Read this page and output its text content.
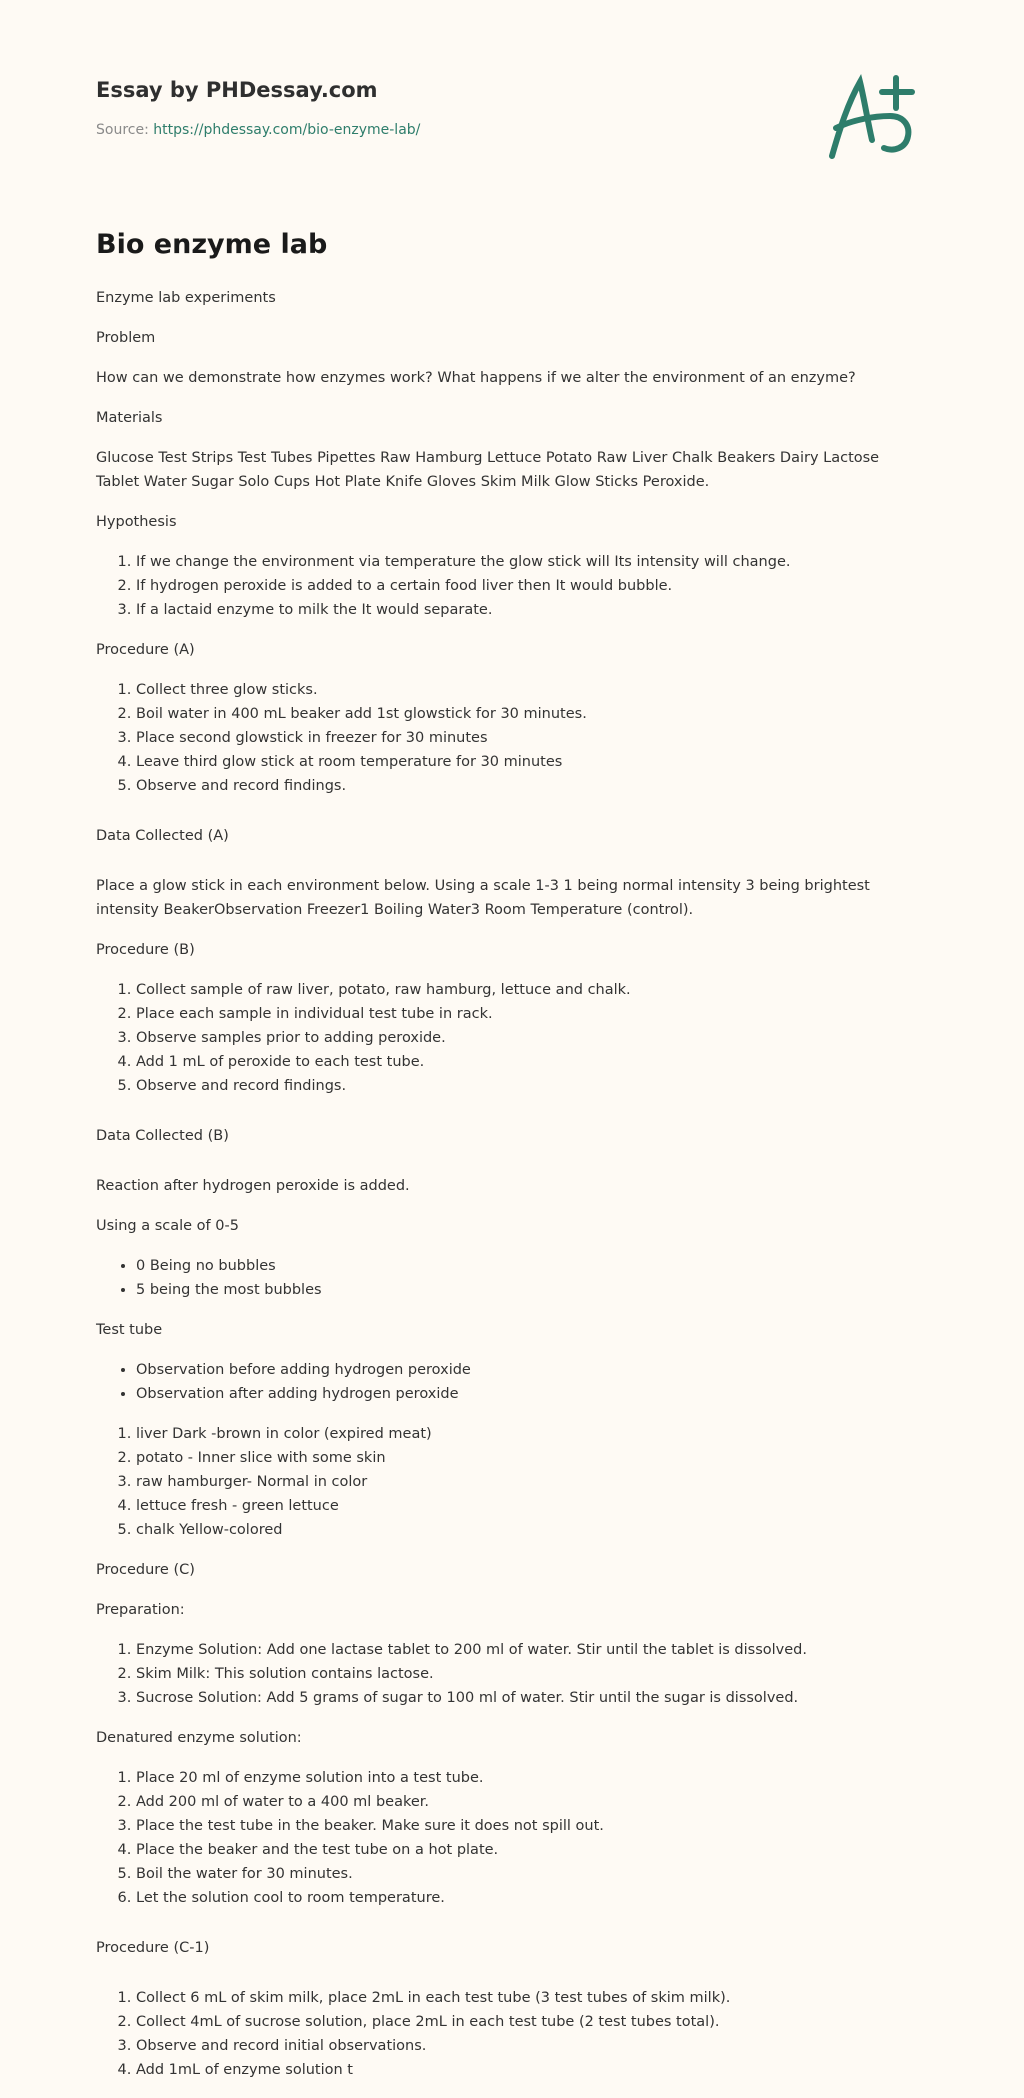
Essay by PHDessay.com

Source: https://phdessay.com/bio-enzyme-lab/
Bio enzyme lab

Enzyme lab experiments

Problem

How can we demonstrate how enzymes work? What happens if we alter the environment of an enzyme?

Materials

Glucose Test Strips Test Tubes Pipettes Raw Hamburg Lettuce Potato Raw Liver Chalk Beakers Dairy Lactose Tablet Water Sugar Solo Cups Hot Plate Knife Gloves Skim Milk Glow Sticks Peroxide.

Hypothesis

1. If we change the environment via temperature the glow stick will Its intensity will change.
2. If hydrogen peroxide is added to a certain food liver then It would bubble.
3. If a lactaid enzyme to milk the It would separate.

Procedure (A)

1. Collect three glow sticks.
2. Boil water in 400 mL beaker add 1st glowstick for 30 minutes.
3. Place second glowstick in freezer for 30 minutes
4. Leave third glow stick at room temperature for 30 minutes
5. Observe and record findings.

Data Collected (A)

Place a glow stick in each environment below. Using a scale 1-3 1 being normal intensity 3 being brightest intensity BeakerObservation Freezer1 Boiling Water3 Room Temperature (control).

Procedure (B)

1. Collect sample of raw liver, potato, raw hamburg, lettuce and chalk.
2. Place each sample in individual test tube in rack.
3. Observe samples prior to adding peroxide.
4. Add 1 mL of peroxide to each test tube.
5. Observe and record findings.

Data Collected (B)

Reaction after hydrogen peroxide is added.

Using a scale of 0-5

• 0 Being no bubbles
• 5 being the most bubbles

Test tube

• Observation before adding hydrogen peroxide
• Observation after adding hydrogen peroxide
1. liver Dark -brown in color (expired meat)
2. potato - Inner slice with some skin
3. raw hamburger- Normal in color
4. lettuce fresh - green lettuce
5. chalk Yellow-colored

Procedure (C)

Preparation:

1. Enzyme Solution: Add one lactase tablet to 200 ml of water. Stir until the tablet is dissolved.
2. Skim Milk: This solution contains lactose.
3. Sucrose Solution: Add 5 grams of sugar to 100 ml of water. Stir until the sugar is dissolved.

Denatured enzyme solution:

1. Place 20 ml of enzyme solution into a test tube.
2. Add 200 ml of water to a 400 ml beaker.
3. Place the test tube in the beaker. Make sure it does not spill out.
4. Place the beaker and the test tube on a hot plate.
5. Boil the water for 30 minutes.
6. Let the solution cool to room temperature.

Procedure (C-1)

1. Collect 6 mL of skim milk, place 2mL in each test tube (3 test tubes of skim milk).
2. Collect 4mL of sucrose solution, place 2mL in each test tube (2 test tubes total).
3. Observe and record initial observations.
4. Add 1mL of enzyme solution t
